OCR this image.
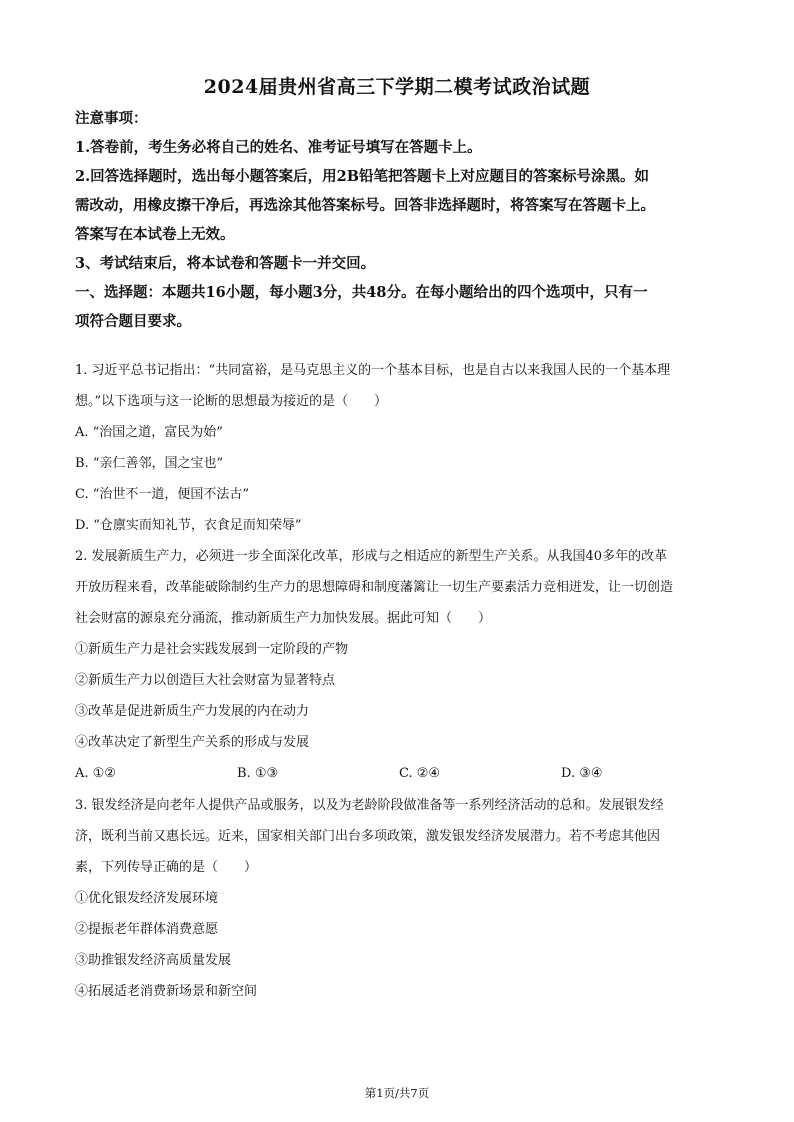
2024届贵州省高三下学期二模考试政治试题
注意事项：
1.答卷前，考生务必将自己的姓名、准考证号填写在答题卡上。
2.回答选择题时，选出每小题答案后，用2B铅笔把答题卡上对应题目的答案标号涂黑。如
需改动，用橡皮擦干净后，再选涂其他答案标号。回答非选择题时，将答案写在答题卡上。
答案写在本试卷上无效。
3、考试结束后，将本试卷和答题卡一并交回。
一、选择题：本题共16小题，每小题3分，共48分。在每小题给出的四个选项中，只有一
项符合题目要求。
1. 习近平总书记指出：“共同富裕，是马克思主义的一个基本目标，也是自古以来我国人民的一个基本理
想。”以下选项与这一论断的思想最为接近的是（　　）
A. “治国之道，富民为始”
B. “亲仁善邻，国之宝也”
C. “治世不一道，便国不法古”
D. “仓廪实而知礼节，衣食足而知荣辱”
2. 发展新质生产力，必须进一步全面深化改革，形成与之相适应的新型生产关系。从我国40多年的改革
开放历程来看，改革能破除制约生产力的思想障碍和制度藩篱让一切生产要素活力竞相迸发，让一切创造
社会财富的源泉充分涌流，推动新质生产力加快发展。据此可知（　　）
①新质生产力是社会实践发展到一定阶段的产物
②新质生产力以创造巨大社会财富为显著特点
③改革是促进新质生产力发展的内在动力
④改革决定了新型生产关系的形成与发展
A. ①②	B. ①③	C. ②④	D. ③④
3. 银发经济是向老年人提供产品或服务，以及为老龄阶段做准备等一系列经济活动的总和。发展银发经
济，既利当前又惠长远。近来，国家相关部门出台多项政策，激发银发经济发展潜力。若不考虑其他因
素，下列传导正确的是（　　）
①优化银发经济发展环境
②提振老年群体消费意愿
③助推银发经济高质量发展
④拓展适老消费新场景和新空间
第1页/共7页
